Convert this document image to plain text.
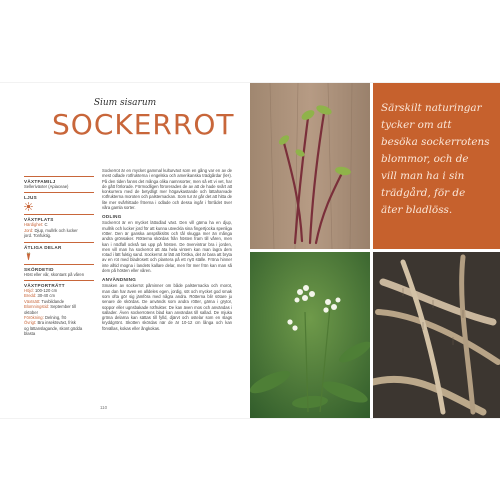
Sium sisarum
SOCKERROT
VÄXTFAMILJ
Selleriväxter (Apiaceae)
LJUS
VÄXTPLATS
Härdighet: C
Jord: Djup, mullrik och lucker
jord. Tonfuktig.
ÄTLIGA DELAR
SKÖRDETID
Höst eller vår, skontant på våren
VÄXTPORTRÄTT
Höjd: 100-120 cm
Bredd: 30-40 cm
Växtsätt: Tuvbildande
Blomningstid: September till
oktober
Förökning: Delning, frö
Övrigt: Bra insektsväxt, frisk
og lättanslagande, skont gödda
blasta

Sockerrot är en mycket gammal kulturväxt som en gång var en av de mest odlade rotfrukterna i engelska och amerikanska trädgårdar (kH). På den tiden fanns det många olika namnsorter, men så ett vi vet, har de gått förlorade. Förmodligen förorerades de av att de hade svårt att konkurrera med de betydligt mer högavkastande och lättaharvade rotfrukterna moroten och palsternackan. Som tur är går det att hitta de lite mer svårhittade fröerna i odlade och dessa ingår i förrådet över våra gamla sorter.

ODLING

Sockerrot är en mycket lättodlad växt. Den vill gärna ha en djup, mullrik och lucker jord för att kunna utveckla sina fingertjocka spenliga rötter. Den är ganska anspråkslös och tål skugga mer än många andra grönsaker. Rötterna skördas från hösten fram till våren, men kan i nödfall också tas upp på hösten. De övervintrar bra i jorden, men vill man ha sockerrot att äta hela vintern kan man lagra dem rotad i lätt fuktig sand. Sockerrot är lätt att föröka, det är bara att bryta av en rot med bladrosett och plantera på ett nytt ställe. Fröna hinner inte alltid mogna i landets kallare delar, men för mer frön kan man så dem på hösten eller våren.

ANVÄNDNING

Smaken av sockerrot påminner om både palsternacka och morot, man dan har även en alldeles egen, jordig, söt och mycket god smak som ofta gör sig jämföra med några andra. Rötterna blir sötare ju senare de skördas. De används som andra rötter, gärna i grytor, soppor eller ugnsbakade rotfrukter. De kan även mos och användas i sallader. Även sockerrotens blad kan användas till sallad. De mjuka gröna delarna kan sättas till fylld, djärvt och ostelar som en slags kryddgrönt. Skotten skördas när de är 10-12 cm långa och kan förvällas, kokas eller ångkokas.

110
Särskilt naturingar
tycker om att
besöka sockerrotens
blommor, och de
vill man ha i sin
trädgård, för de
äter bladlöss.
